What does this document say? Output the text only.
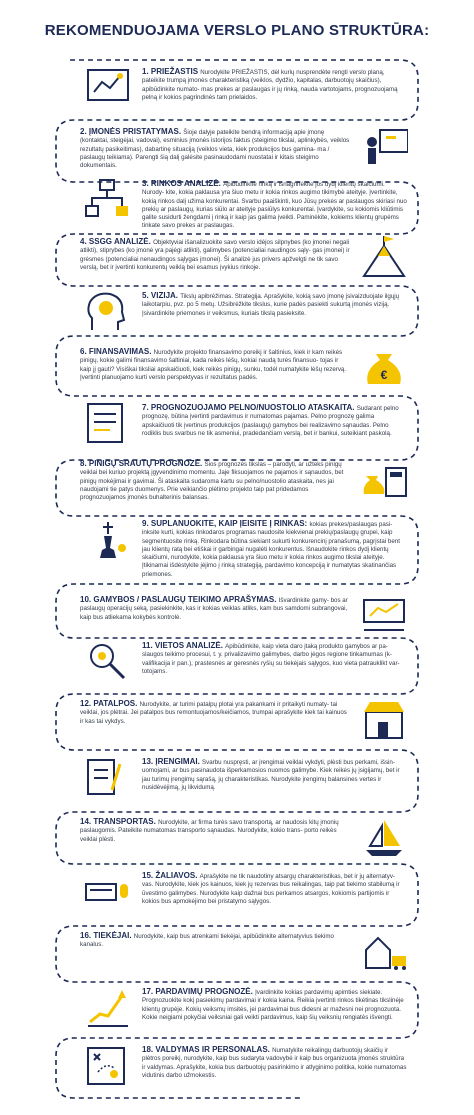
REKOMENDUOJAMA VERSLO PLANO STRUKTŪRA:
1. PRIEŽASTIS Nurodykite PRIEŽASTIS, dėl kurių nusprendėte rengti verslo planą, pateikite trumpą įmonės charakteristiką (veiklos, dydžio, kapitalas, darbuotojų skaičius), apibūdinkite numato- mas prekes ar paslaugas ir jų rinką, nauda vartotojams, prognozuojamą pelną ir kokios pagrindinės tam prielaidos.
2. ĮMONĖS PRISTATYMAS. Šioje dalyje pateikite bendrą informaciją apie įmonę (kontaktai, steigėjai, vadovai), esminius įmonės istorijos faktus (steigimo tikslai, aplinkybės, veiklos rezultatų pasikeitimas), dabartinę situaciją (veiklos vieta, kiek produkcijos bus gamina- ma / paslaugų teikiama). Parengti šią dalį galėsite pasinaudodami nuostatai ir kitais steigimo dokumentais.
3. RINKOS ANALIZĖ. Apibūdinkite rinką ir išnagrinėkite jos dydį klientų skaičiumi. Nurody- kite, kokia paklausa yra šiuo metu ir kokia rinkos augimo tikimybė ateityje. Įvertinkite, kokią rinkos dalį užima konkurentai. Svarbu paaiškinti, kuo Jūsų prekės ar paslaugos skiriasi nuo prekių ar paslaugų, kurias siūlo ar ateityje pasiūlys konkurentai. Įvardykite, su kokiomis kliūtimis galite susidurti žengdami į rinką ir kaip jas galima įveikti. Paminėkite, kokiems klientų grupėms tinkate savo prekes ar paslaugas.
4. SSGG ANALIZĖ. Objektyviai išanalizuokite savo verslo idėjos silpnybes (ko įmonei negali atlikti), stiprybes (ko įmonė yra pajėgi atlikti), galimybes (potencialiai naudingos sąly- gas įmonei) ir grėsmes (potencialiai nenaudingos sąlygas įmonei). Ši analizė jus privers apžvelgti ne tik savo verslą, bet ir įvertinti konkurentų veiklą bei esamus įvykius rinkoje.
5. VIZIJA. Tikslų apibrėžimas. Strategija. Aprašykite, kokią savo įmonę įsivaizduojate ilgųjų laikotarpiu, pvz. po 5 metų. Užsibrėžkite tikslus, kurie padės pasiekti sukurtą įmonės viziją. Įsivardinkite priemones ir veiksmus, kuriais tikslą pasieksite.
6. FINANSAVIMAS. Nurodykite projekto finansavimo poreikį ir šaltinius, kiek ir kam reikės pinigų, kokie galimi finansavimo šaltiniai, kada reikės lėšų, kokiai naudą turės finansuo- tojas ir kaip jį gauti? Visiškai tiksliai apskaičiuoti, kiek reikės pinigų, sunku, todėl numatykite lėšų rezervą. Įvertinti planuojamo kurti verslo perspektyvas ir rezultatus padės.	€
7. PROGNOZUOJAMO PELNO/NUOSTOLIO ATASKAITA. Sudarant pelno prognozę, būtina įvertinti pardavimus ir numatomas pajamas. Pelno prognozę galima apskaičiuoti tik įvertinus produkcijos (paslaugų) gamybos bei realizavimo sąnaudas. Pelno rodiklis bus svarbus ne tik asmeniui, pradedančiam verslą, bet ir bankui, suteikiant paskolą.
8. PINIGŲ SRAUTŲ PROGNOZĖ. Šios prognozės tikslas – parodyti, ar užteks pinigų veiklai bei kuriuo projektą įgyvendinimo momentu. Jaje fiksuojamos ne pajamos ir sąnaudos, bet pinigų mokėjimai ir gavimai. Ši ataskaita sudaroma kartu su pelno/nuostolio ataskaita, nes jai naudojami tie patys duomenys. Prie veikiančio plėtimo projekto taip pat pridedamos prognozuojamos įmonės buhalterinis balansas.
9. SUPLANUOKITE, KAIP ĮEISITE Į RINKAS: kokias prekes/paslaugas pasi- inksite kurti, kokias rinkodaros programas naudosite kiekvienai prekių/paslaugų grupei, kaip segmentuosite rinką. Rinkodara būtina siekiant sukurti konkurencinį pranašumą, pagrįstai bent jau klientų ratą bei etiškai ir garbingai nugalėti konkurentus. Išnaudokite rinkos dydį klientų skaičiumi, nurodykite, kokia paklausa yra šiuo metu ir kokia rinkos augimo tikslai ateityje. Įtikinamai išdėstykite įėjimo į rinką strategiją, pardavimo koncepciją ir numatytas skatinančias priemones.
10. GAMYBOS / PASLAUGŲ TEIKIMO APRAŠYMAS. Išvardinkite gamy- bos ar paslaugų operacijų seką, pasiekinkite, kas ir kokias veiklas atliks, kam bus samdomi subrangovai, kaip bus atliekama kokybės kontrolė.
11. VIETOS ANALIZĖ. Apibūdinkite, kaip vieta daro įtaką produkto gamybos ar pa- slaugos teikimo procesui, t. y. privalizavimo galimybes, darbo jėgos regione tinkamumas (k- valifikacija ir pan.), prastesnės ar geresnės ryšių su tiekėjais sąlygos, kuo vieta patrauklikt var- totojams.
12. PATALPOS. Nurodykite, ar turimi patalpų plotai yra pakankami ir pritaikyti numaty- tai veiklai, jos plėtrai. Jei patalpos bus remontuojamos/keičiamos, trumpai aprašykite kiek tai kainuos ir kas tai vykdys.
13. ĮRENGIMAI. Svarbu nuspręsti, ar įrengimai veiklai vykdyti, plėsti bus perkami, išsin- uomojami, ar bus pasinaudota išperkamosios nuomos galimybe. Kiek reikės jų įsigijamų, bet ir jau turimų įrengimų sąrašą, jų charakteristikas. Nurodykite įrengimų balansines vertes ir nusidėvėjimą, jų likvidumą.
14. TRANSPORTAS. Nurodykite, ar firma turės savo transportą, ar naudosis kitų įmonių paslaugomis. Pateikite numatomas transporto sąnaudas. Nurodykite, kokio trans- porto reikės veiklai plėsti.
15. ŽALIAVOS. Aprašykite ne tik naudotiny atsargų charakteristikas, bet ir jų alternatyv- vas. Nurodykite, kiek jos kainuos, kiek jų rezervas bus reikalingas, taip pat tiekimo stabilumą ir ūvestimo galimybes. Nurodykite kaip dažnai bus perkamos atsargos, kokiomis partijomis ir kokios bus apmokėjimo bei pristatymo sąlygos.
16. TIEKĖJAI. Nurodykite, kaip bus atrenkami tiekėjai, apibūdinkite alternatyvius tiekimo kanalus.
17. PARDAVIMŲ PROGNOZĖ. Įvardinkite kokias pardavimų apimties siekiate. Prognozuokite kokį pasiekimų pardavimai ir kokia kaina. Reikia įvertinti rinkos tikėtinas tikslinėje klientų grupėje. Kokių veiksmų imsitės, jei pardavimai bus didesni ar mažesni nei prognozuota. Kokie neigiami pokyčiai veiksniai gali veikti pardavimus, kaip šių veiksnių rengiatės išvengti.
18. VALDYMAS IR PERSONALAS. Numatykite reikalingų darbuotojų skaičių ir plėtros poreikį, nurodykite, kaip bus sudaryta vadovybė ir kaip bus organizuota įmonės struktūra ir valdymas. Aprašykite, kokia bus darbuotojų pasirinkimo ir atlyginimo politika, kokie numatomas vidutinis darbo užmokestis.
